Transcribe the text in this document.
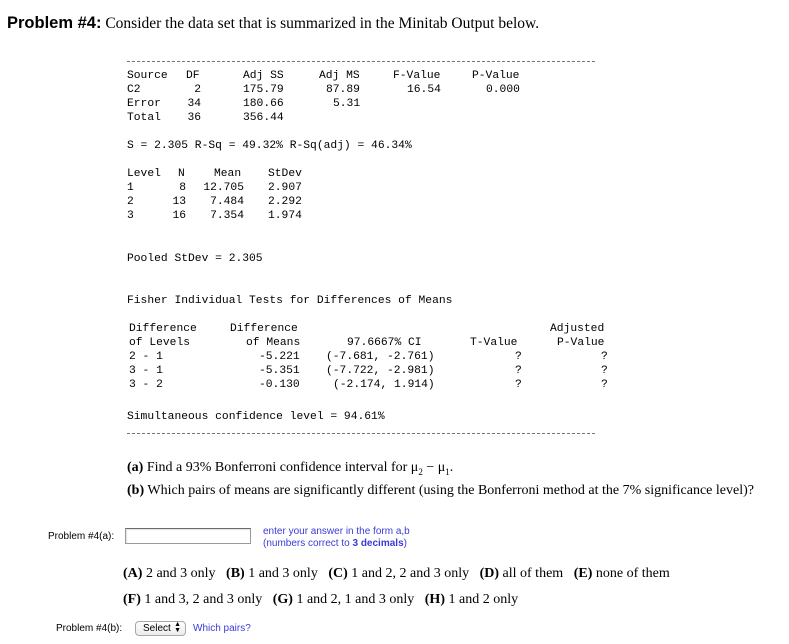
Problem #4: Consider the data set that is summarized in the Minitab Output below.
Source DF	Adj SS	Adj MS	F-Value	P-Value
C2	2	175.79	87.89	16.54	0.000
Error 34	180.66	5.31
Total 36	356.44
S = 2.305 R-Sq = 49.32% R-Sq(adj) = 46.34%
Level N	Mean StDev
1	8	12.705 2.907
2	13	7.484 2.292
3	16	7.354 1.974
Pooled StDev = 2.305
Fisher Individual Tests for Differences of Means
Difference	Difference	Adjusted
of Levels	of Means	97.6667% CI	T-Value	P-Value
2 - 1	-5.221 (-7.681, -2.761)	?	?
3 - 1	-5.351 (-7.722, -2.981)	?	?
3 - 2	-0.130	(-2.174, 1.914)	?	?
Simultaneous confidence level = 94.61%
(a) Find a 93% Bonferroni confidence interval for $\mu_2 - \mu_1$.
(b) Which pairs of means are significantly different (using the Bonferroni method at the 7% significance level)?
Problem #4(a):	enter your answer in the form a,b
(numbers correct to 3 decimals)
(A) 2 and 3 only (B) 1 and 3 only (C) 1 and 2, 2 and 3 only (D) all of them (E) none of them
(F) 1 and 3, 2 and 3 only (G) 1 and 2, 1 and 3 only (H) 1 and 2 only
Problem #4(b):	Select ▲
▼ Which pairs?
